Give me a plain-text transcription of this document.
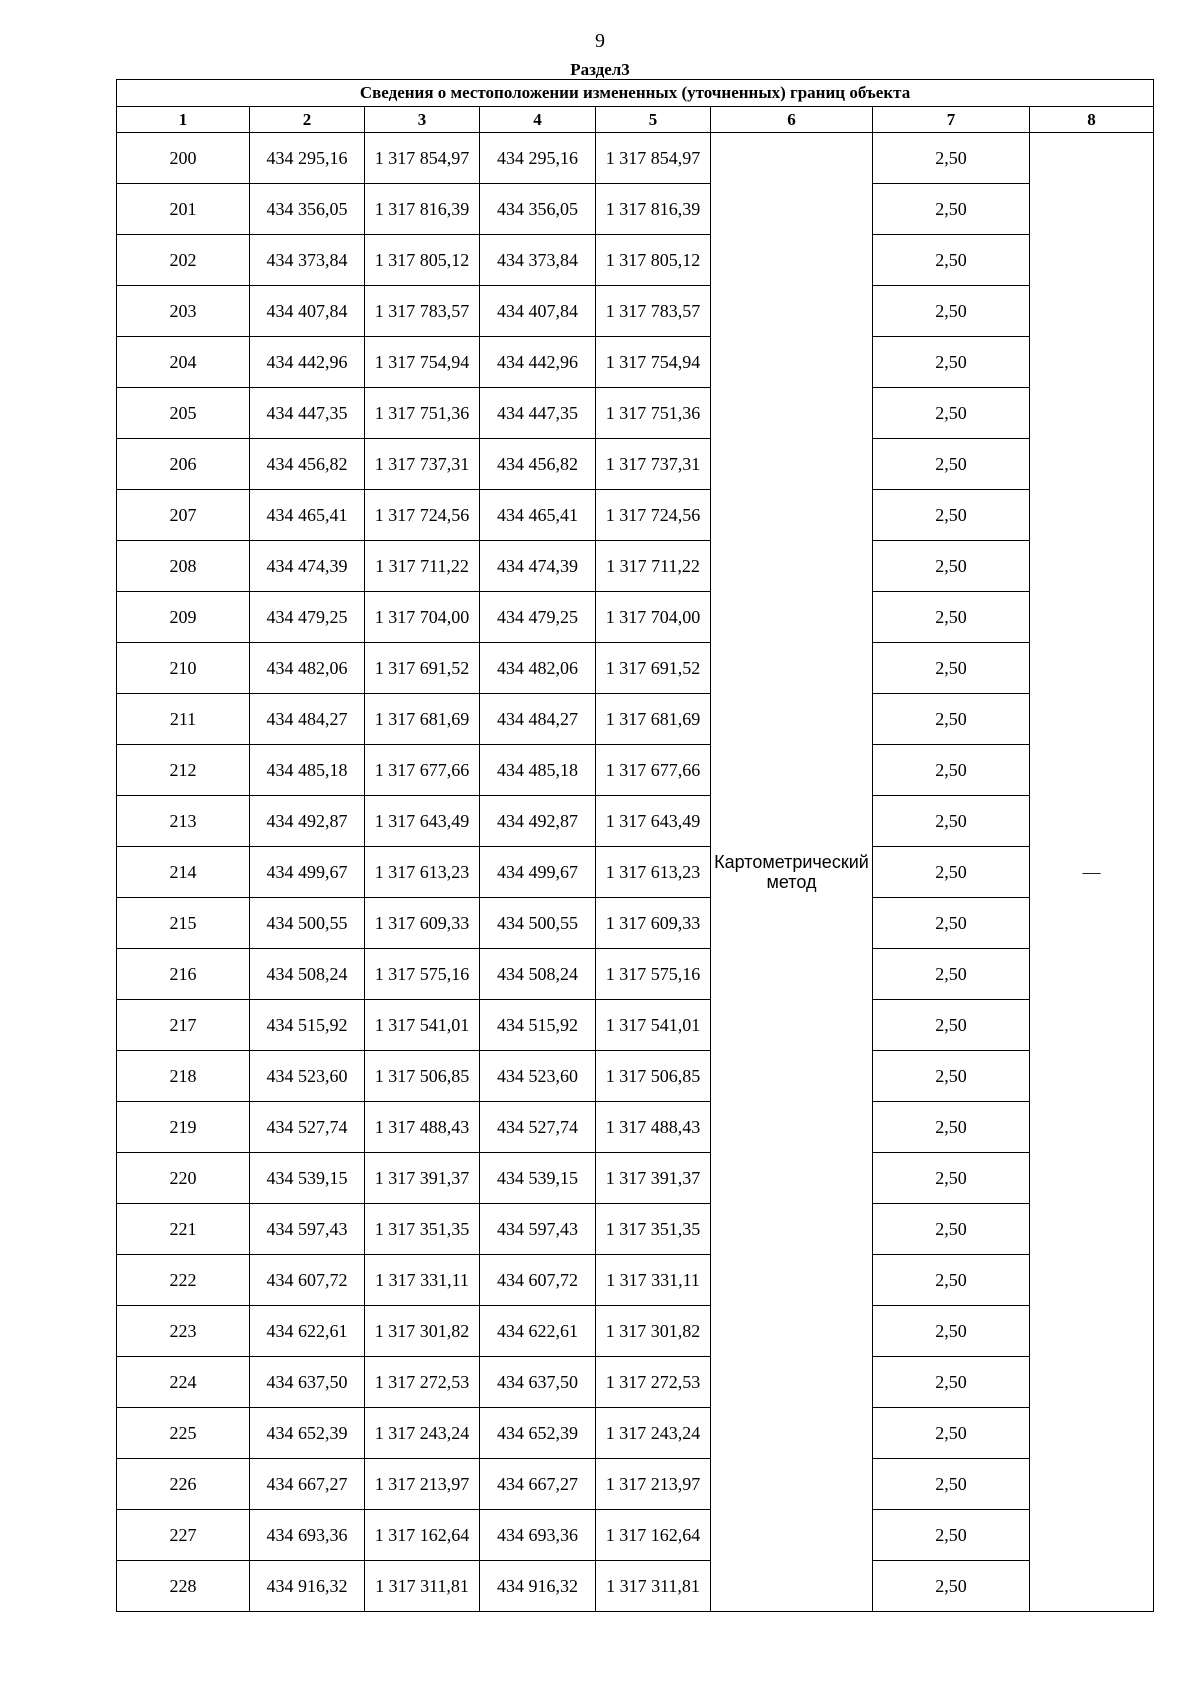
9
Раздел3
Сведения о местоположении измененных (уточненных) границ объекта							
1	2	3	4	5	6	7	8
200	434 295,16	1 317 854,97	434 295,16	1 317 854,97	Картометрический метод	2,50	—
201	434 356,05	1 317 816,39	434 356,05	1 317 816,39		2,50	
202	434 373,84	1 317 805,12	434 373,84	1 317 805,12		2,50	
203	434 407,84	1 317 783,57	434 407,84	1 317 783,57		2,50	
204	434 442,96	1 317 754,94	434 442,96	1 317 754,94		2,50	
205	434 447,35	1 317 751,36	434 447,35	1 317 751,36		2,50	
206	434 456,82	1 317 737,31	434 456,82	1 317 737,31		2,50	
207	434 465,41	1 317 724,56	434 465,41	1 317 724,56		2,50	
208	434 474,39	1 317 711,22	434 474,39	1 317 711,22		2,50	
209	434 479,25	1 317 704,00	434 479,25	1 317 704,00		2,50	
210	434 482,06	1 317 691,52	434 482,06	1 317 691,52		2,50	
211	434 484,27	1 317 681,69	434 484,27	1 317 681,69		2,50	
212	434 485,18	1 317 677,66	434 485,18	1 317 677,66		2,50	
213	434 492,87	1 317 643,49	434 492,87	1 317 643,49		2,50	
214	434 499,67	1 317 613,23	434 499,67	1 317 613,23		2,50	
215	434 500,55	1 317 609,33	434 500,55	1 317 609,33		2,50	
216	434 508,24	1 317 575,16	434 508,24	1 317 575,16		2,50	
217	434 515,92	1 317 541,01	434 515,92	1 317 541,01		2,50	
218	434 523,60	1 317 506,85	434 523,60	1 317 506,85		2,50	
219	434 527,74	1 317 488,43	434 527,74	1 317 488,43		2,50	
220	434 539,15	1 317 391,37	434 539,15	1 317 391,37		2,50	
221	434 597,43	1 317 351,35	434 597,43	1 317 351,35		2,50	
222	434 607,72	1 317 331,11	434 607,72	1 317 331,11		2,50	
223	434 622,61	1 317 301,82	434 622,61	1 317 301,82		2,50	
224	434 637,50	1 317 272,53	434 637,50	1 317 272,53		2,50	
225	434 652,39	1 317 243,24	434 652,39	1 317 243,24		2,50	
226	434 667,27	1 317 213,97	434 667,27	1 317 213,97		2,50	
227	434 693,36	1 317 162,64	434 693,36	1 317 162,64		2,50	
228	434 916,32	1 317 311,81	434 916,32	1 317 311,81		2,50	
